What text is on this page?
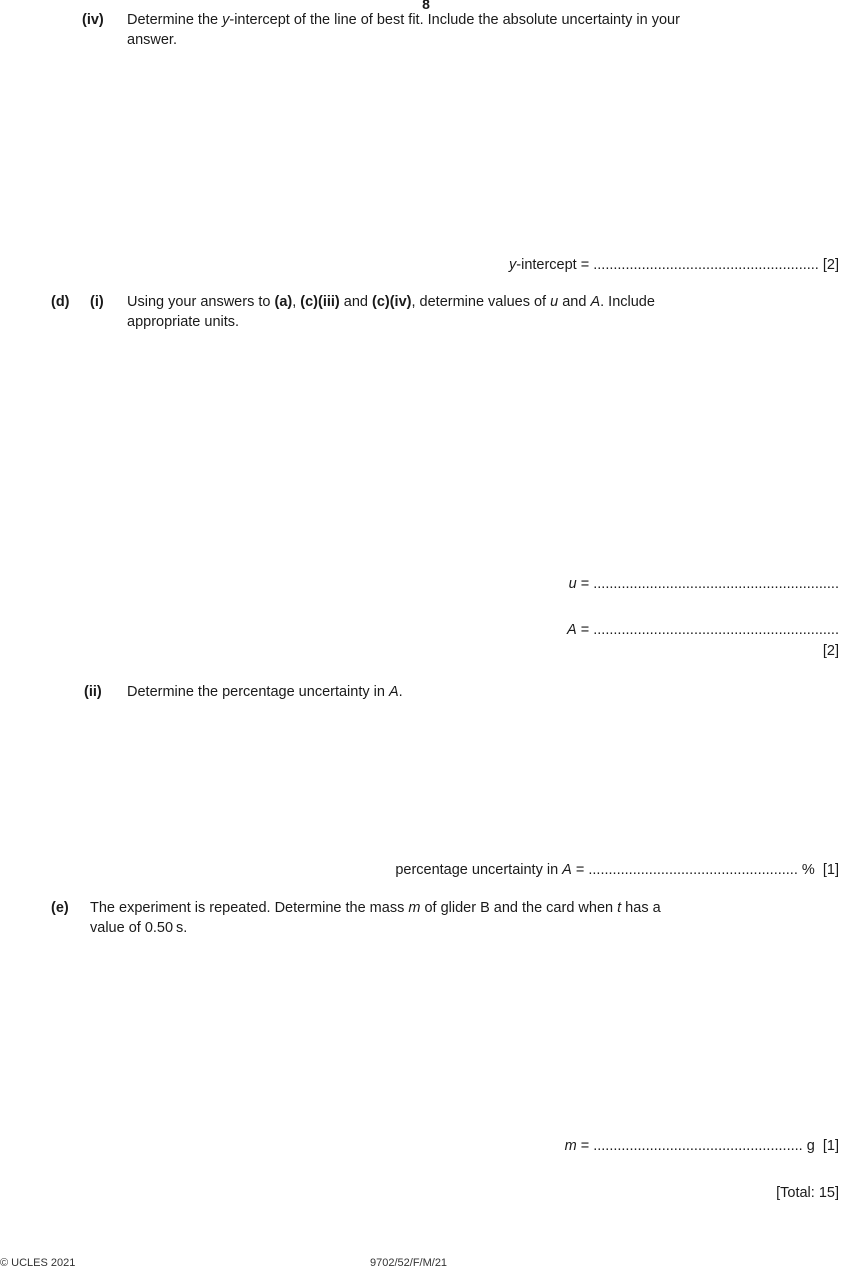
8
(iv) Determine the y-intercept of the line of best fit. Include the absolute uncertainty in your
answer.
y-intercept = ........................................................ [2]
(d) (i) Using your answers to (a), (c)(iii) and (c)(iv), determine values of u and A. Include
appropriate units.
u = .............................................................
A = .............................................................
[2]
(ii) Determine the percentage uncertainty in A.
percentage uncertainty in A = .................................................... % [1]
(e) The experiment is repeated. Determine the mass m of glider B and the card when t has a
value of 0.50 s.
m = .................................................... g [1]
[Total: 15]
© UCLES 2021	9702/52/F/M/21
